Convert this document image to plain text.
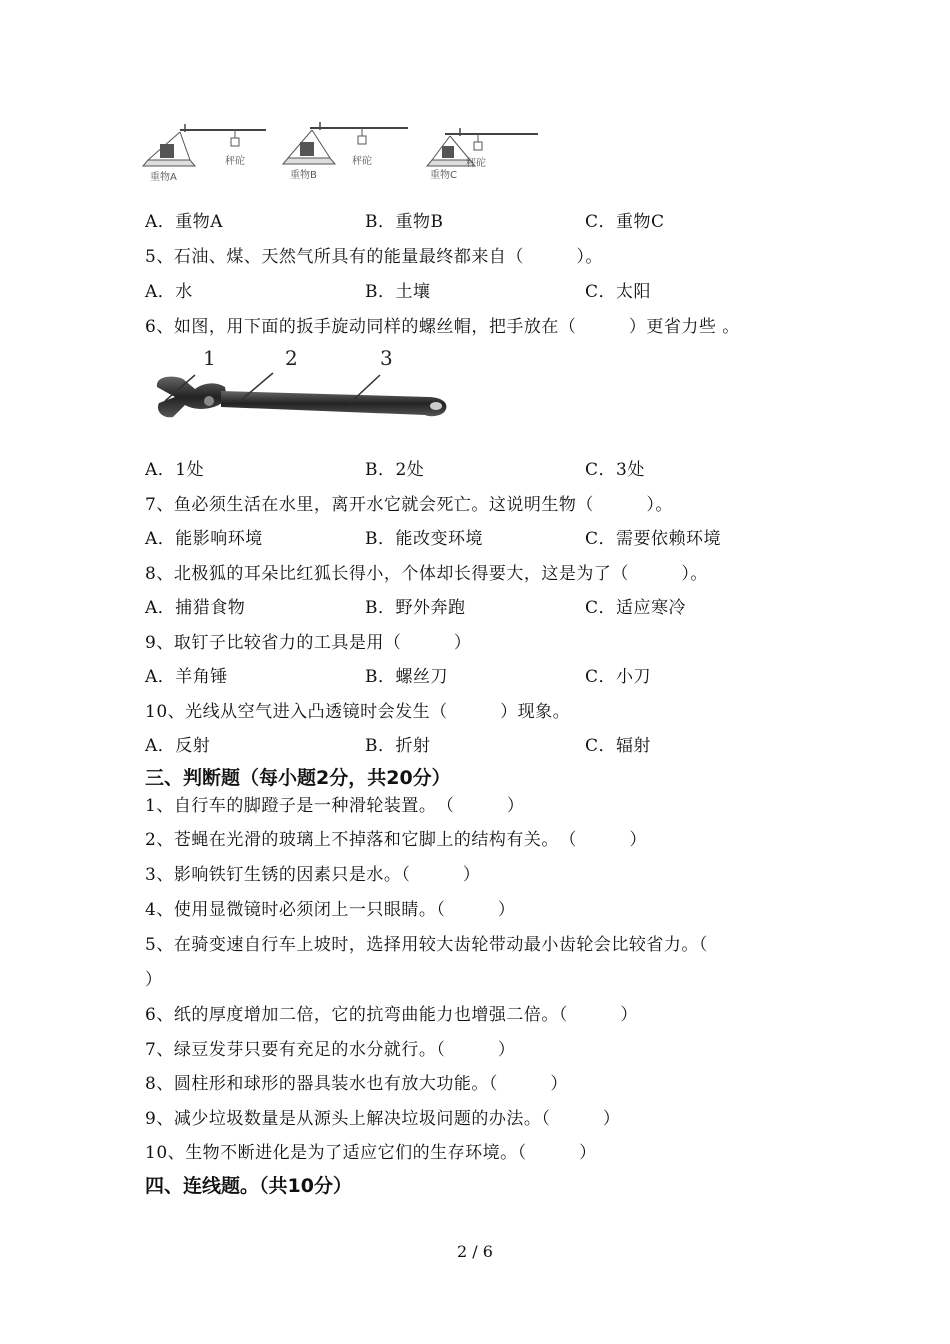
重物A
秤砣
重物B
秤砣
重物C
秤砣
A．重物A	B．重物B	C．重物C
5、石油、煤、天然气所具有的能量最终都来自（　　　）。
A．水	B．土壤	C．太阳
6、如图，用下面的扳手旋动同样的螺丝帽，把手放在（　　　）更省力些 。
1	2	3
A．1处	B．2处	C．3处
7、鱼必须生活在水里，离开水它就会死亡。这说明生物（　　　）。
A．能影响环境	B．能改变环境	C．需要依赖环境
8、北极狐的耳朵比红狐长得小，个体却长得要大，这是为了（　　　）。
A．捕猎食物	B．野外奔跑	C．适应寒冷
9、取钉子比较省力的工具是用（　　　）
A．羊角锤	B．螺丝刀	C．小刀
10、光线从空气进入凸透镜时会发生（　　　）现象。
A．反射	B．折射	C．辐射
三、判断题（每小题2分，共20分）
1、自行车的脚蹬子是一种滑轮装置。　（　　　）
2、苍蝇在光滑的玻璃上不掉落和它脚上的结构有关。　（　　　）
3、影响铁钉生锈的因素只是水。（　　　）
4、使用显微镜时必须闭上一只眼睛。（　　　）
5、在骑变速自行车上坡时，选择用较大齿轮带动最小齿轮会比较省力。（
）
6、纸的厚度增加二倍，它的抗弯曲能力也增强二倍。（　　　）
7、绿豆发芽只要有充足的水分就行。（　　　）
8、圆柱形和球形的器具装水也有放大功能。（　　　）
9、减少垃圾数量是从源头上解决垃圾问题的办法。（　　　）
10、生物不断进化是为了适应它们的生存环境。（　　　）
四、连线题。（共10分）
2 / 6
